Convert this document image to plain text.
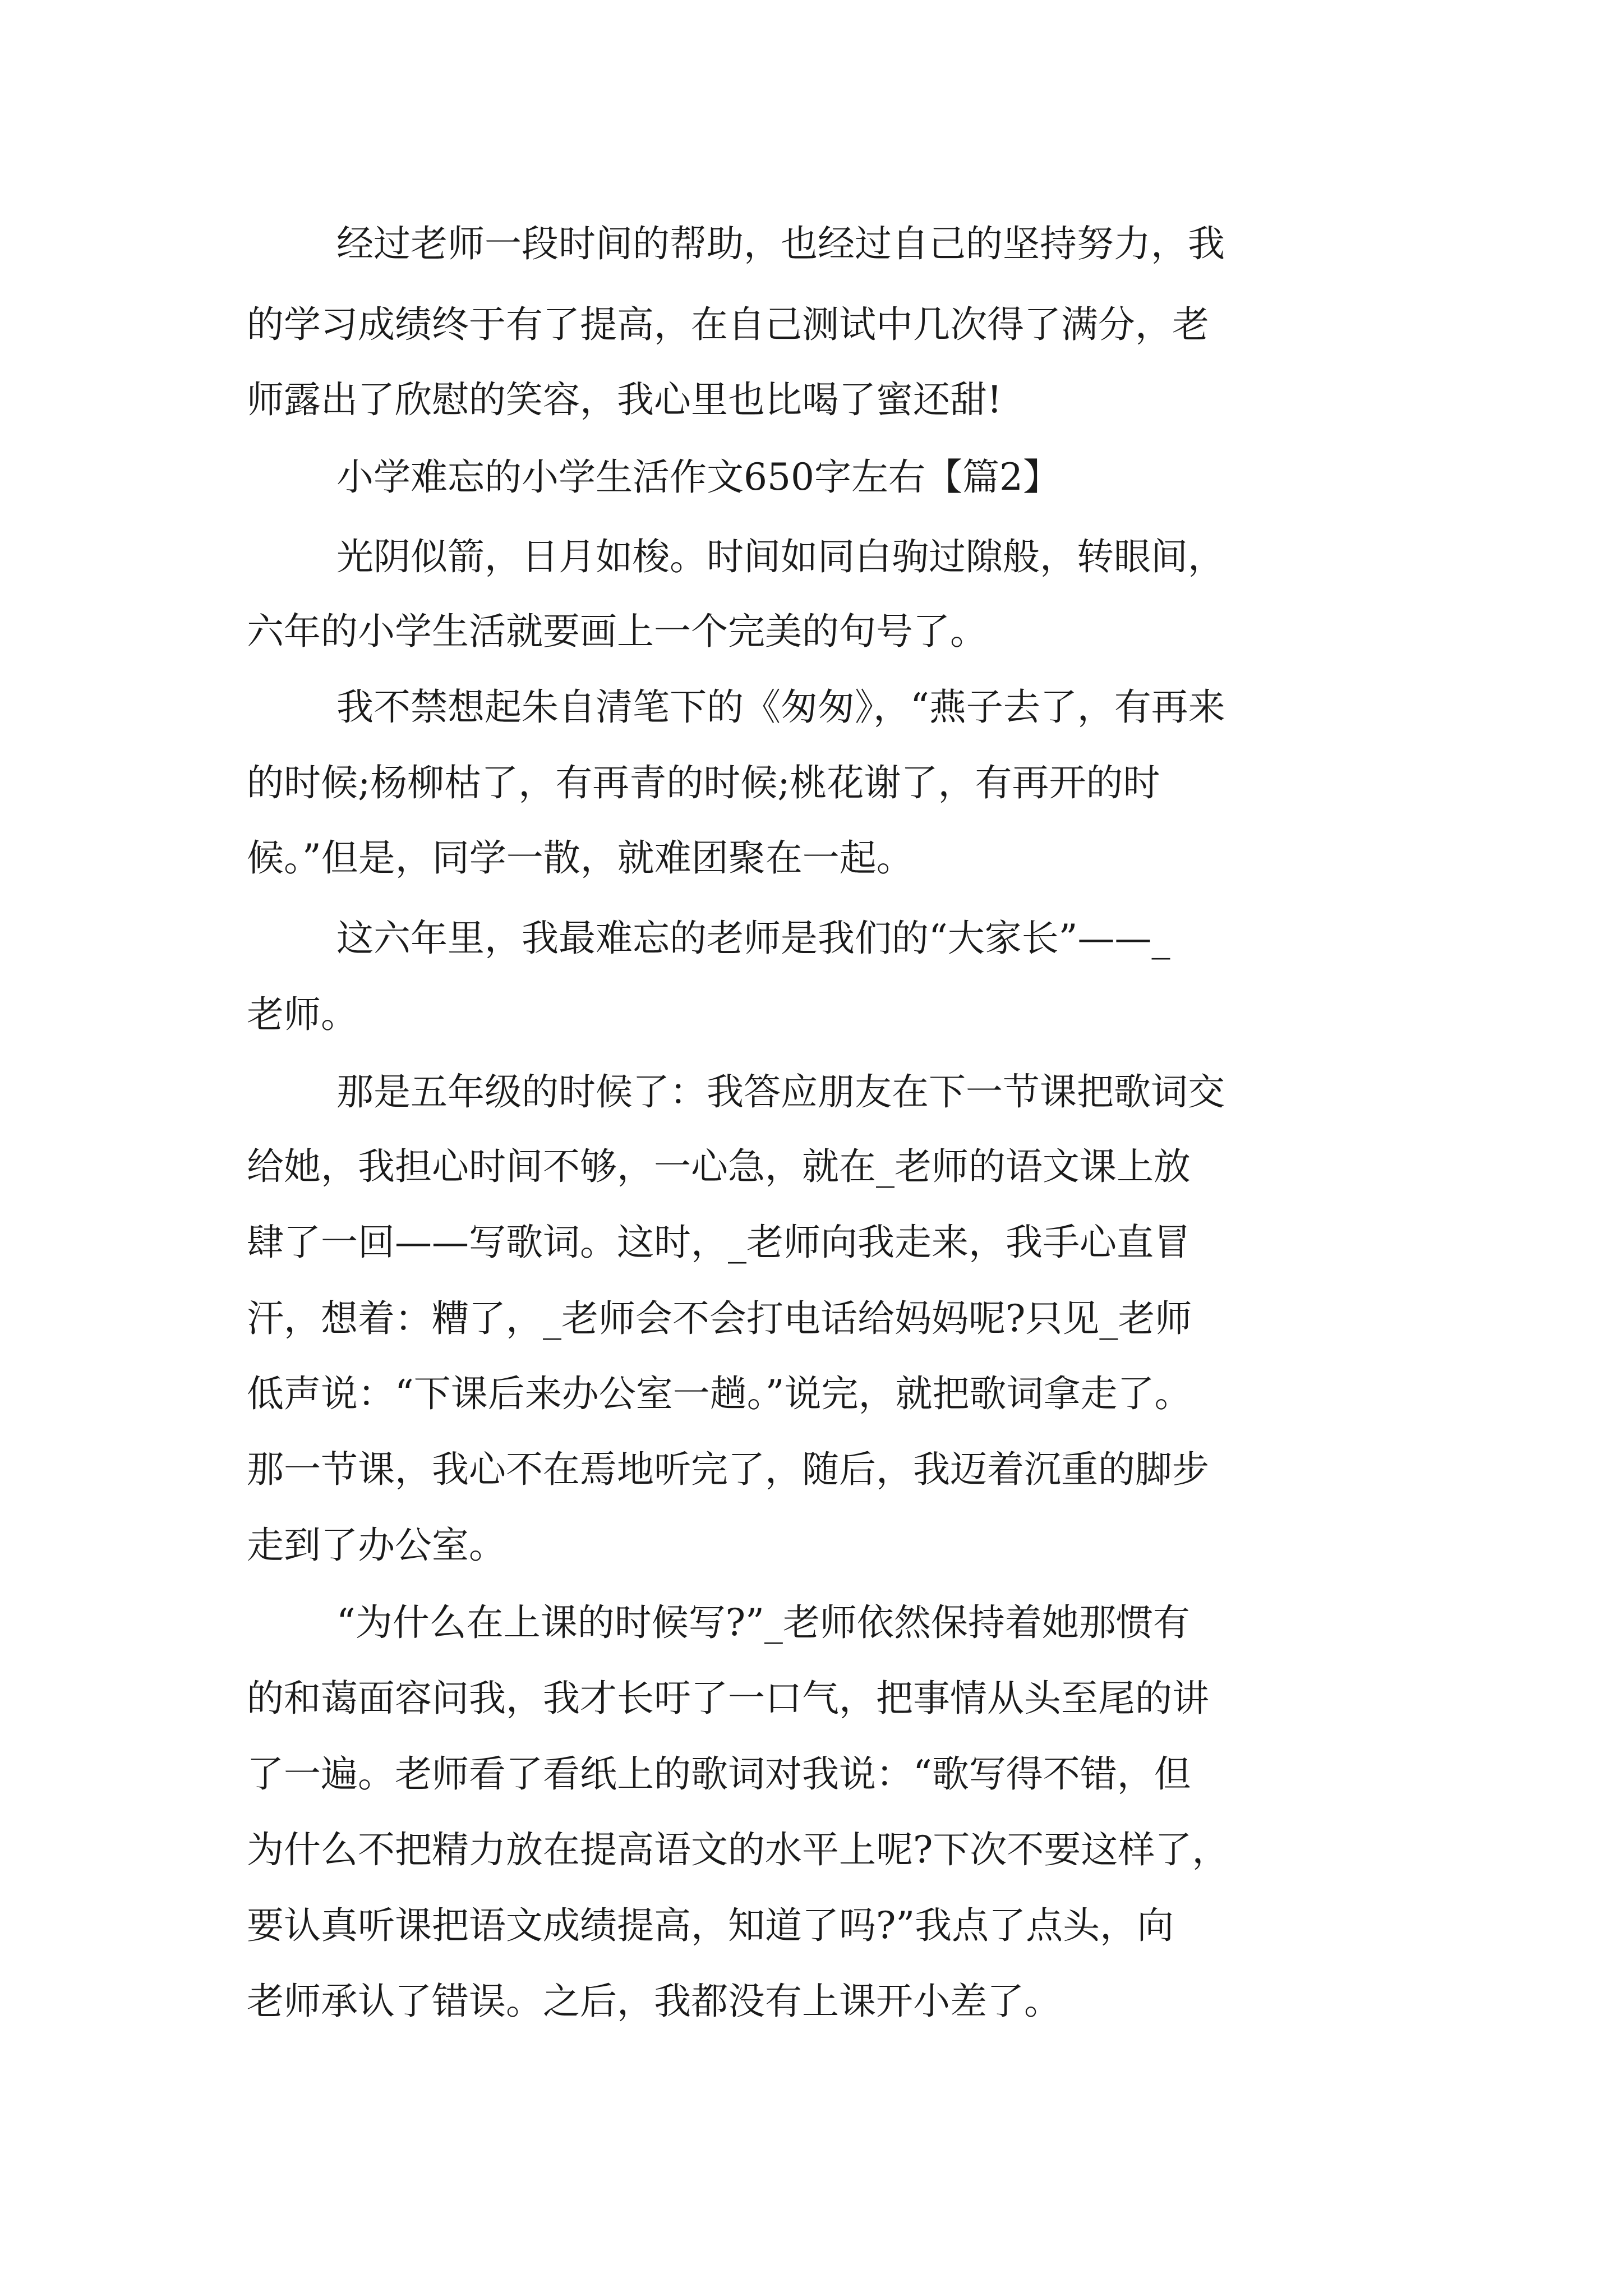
经过老师一段时间的帮助，也经过自己的坚持努力，我

的学习成绩终于有了提高，在自己测试中几次得了满分，老

师露出了欣慰的笑容，我心里也比喝了蜜还甜!

小学难忘的小学生活作文650字左右【篇2】

光阴似箭，日月如梭。时间如同白驹过隙般，转眼间，

六年的小学生活就要画上一个完美的句号了。

我不禁想起朱自清笔下的《匆匆》，“燕子去了，有再来

的时候;杨柳枯了，有再青的时候;桃花谢了，有再开的时

候。”但是，同学一散，就难团聚在一起。

这六年里，我最难忘的老师是我们的“大家长”——_

老师。

那是五年级的时候了：我答应朋友在下一节课把歌词交

给她，我担心时间不够，一心急，就在_老师的语文课上放

肆了一回——写歌词。这时，_老师向我走来，我手心直冒

汗，想着：糟了，_老师会不会打电话给妈妈呢?只见_老师

低声说：“下课后来办公室一趟。”说完，就把歌词拿走了。

那一节课，我心不在焉地听完了，随后，我迈着沉重的脚步

走到了办公室。

“为什么在上课的时候写?”_老师依然保持着她那惯有

的和蔼面容问我，我才长吁了一口气，把事情从头至尾的讲

了一遍。老师看了看纸上的歌词对我说：“歌写得不错，但

为什么不把精力放在提高语文的水平上呢?下次不要这样了，

要认真听课把语文成绩提高，知道了吗?”我点了点头，向

老师承认了错误。之后，我都没有上课开小差了。
